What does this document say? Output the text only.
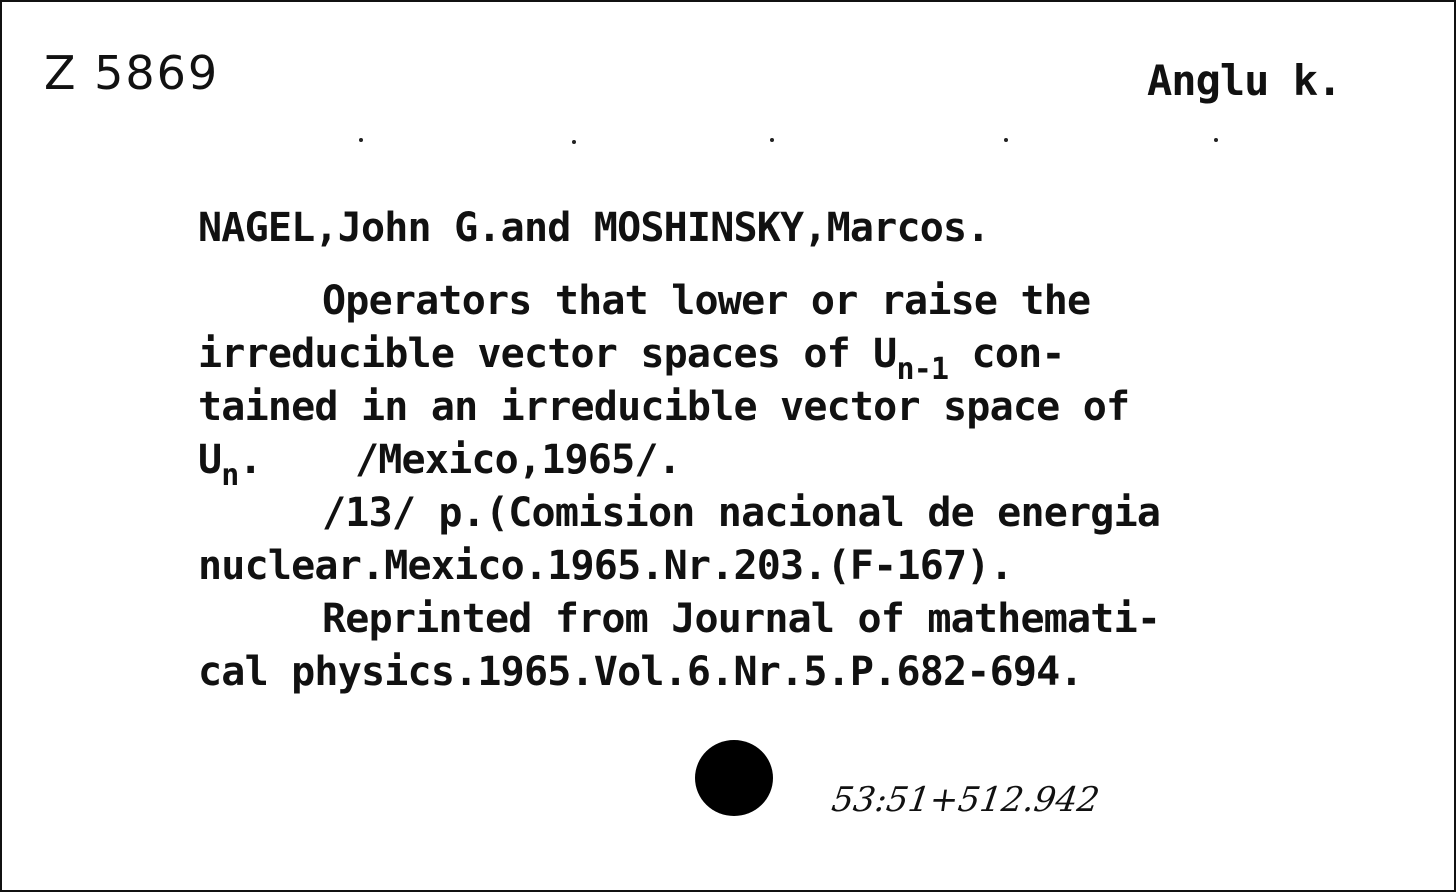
Z 5869	Anglu k.
NAGEL,John G.and MOSHINSKY,Marcos.
Operators that lower or raise the
irreducible vector spaces of $U_{n-1}$ con-
tained in an irreducible vector space of
$U_n$.    /Mexico,1965/.
/13/ p.(Comision nacional de energia
nuclear.Mexico.1965.Nr.203.(F-167).
Reprinted from Journal of mathemati-
cal physics.1965.Vol.6.Nr.5.P.682-694.
53:51+512.942
